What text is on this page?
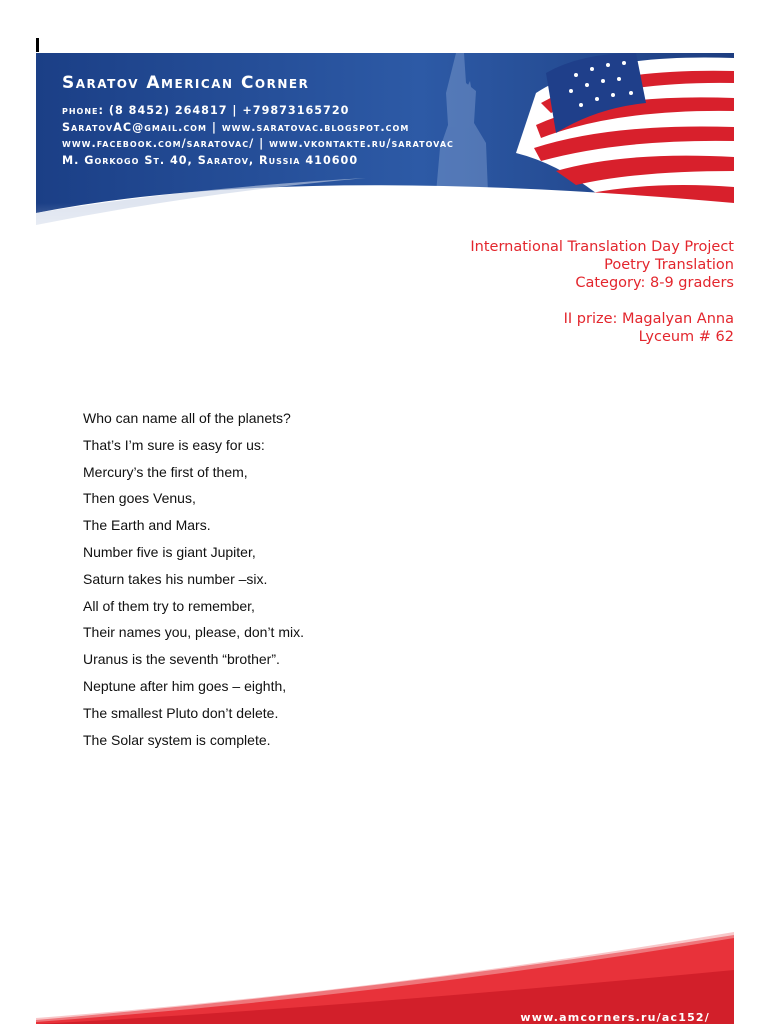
Saratov American Corner
phone: (8 8452) 264817 | +79873165720
SaratovAC@gmail.com | www.saratovac.blogspot.com
www.facebook.com/saratovac/ | www.vkontakte.ru/saratovac
M. Gorkogo St. 40, Saratov, Russia 410600
International Translation Day Project
Poetry Translation
Category: 8-9 graders
II prize: Magalyan Anna
Lyceum # 62
Who can name all of the planets?
That’s I’m sure is easy for us:
Mercury’s the first of them,
Then goes Venus,
The Earth and Mars.
Number five is giant Jupiter,
Saturn takes his number –six.
All of them try to remember,
Their names you, please, don’t mix.
Uranus is the seventh “brother”.
Neptune after him goes – eighth,
The smallest Pluto don’t delete.
The Solar system is complete.
www.amcorners.ru/ac152/
